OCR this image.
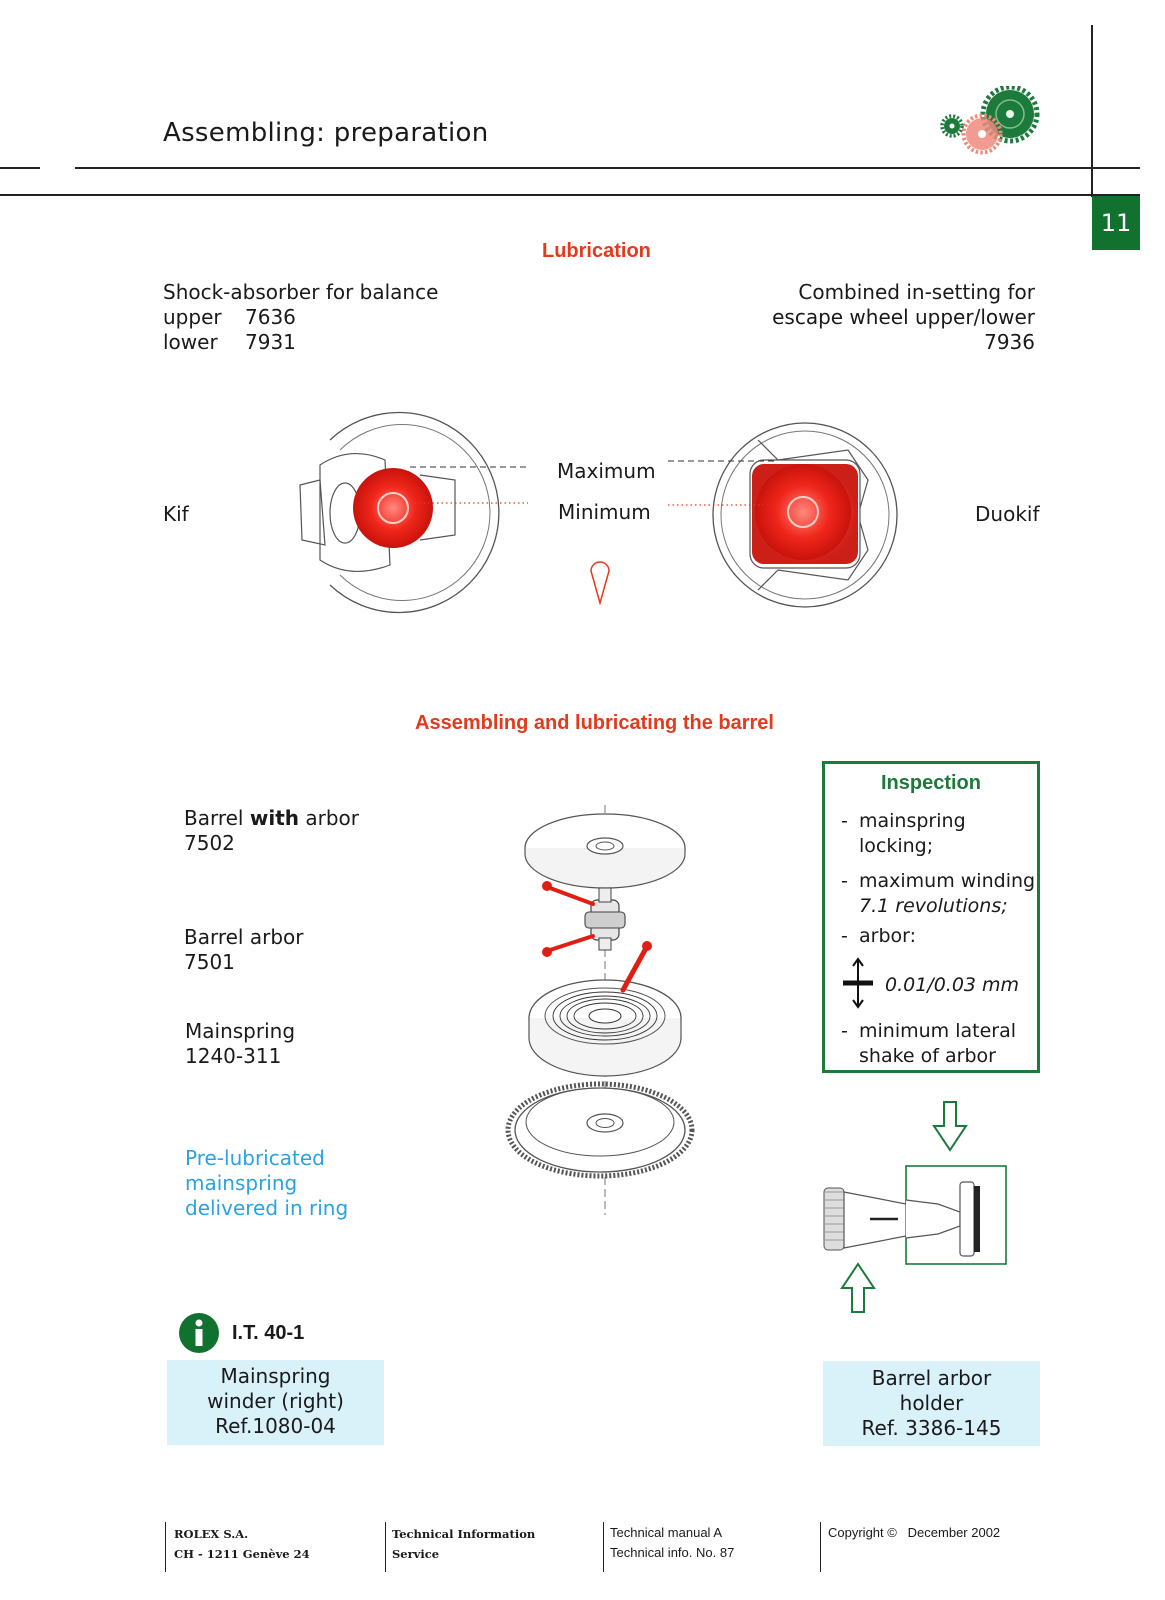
Assembling: preparation
11
Lubrication
Shock-absorber for balance
upper 7636
lower 7931
Combined in-setting for
escape wheel upper/lower
7936
Kif	Duokif
Maximum
Minimum
Assembling and lubricating the barrel
Barrel with arbor
7502
Barrel arbor
7501
Mainspring
1240-311
Pre-lubricated
mainspring
delivered in ring
Inspection
- mainspring
locking;
- maximum winding
7.1 revolutions;
- arbor:
0.01/0.03 mm
- minimum lateral
shake of arbor
I.T. 40-1
Mainspring
winder (right)
Ref.1080-04
Barrel arbor
holder
Ref. 3386-145
ROLEX S.A.
CH - 1211 Genève 24
Technical Information
Service
Technical manual A
Technical info. No. 87
Copyright ©   December 2002
